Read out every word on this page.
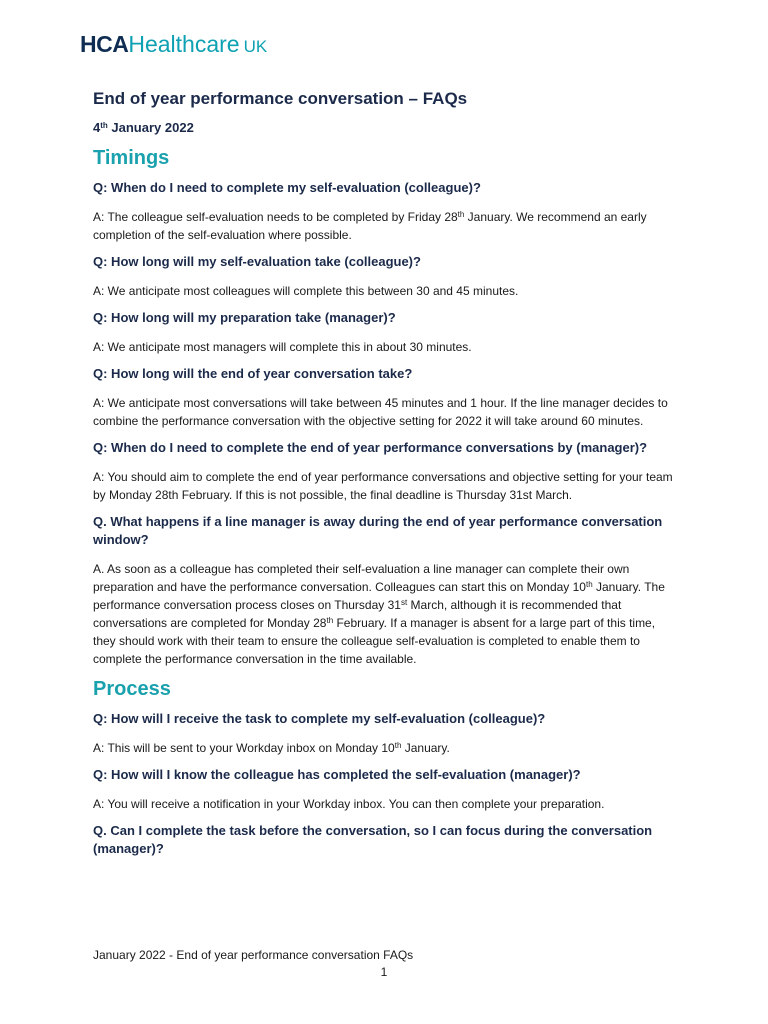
HCAHealthcare UK
End of year performance conversation – FAQs
4th January 2022
Timings
Q: When do I need to complete my self-evaluation (colleague)?
A: The colleague self-evaluation needs to be completed by Friday 28th January. We recommend an early completion of the self-evaluation where possible.
Q: How long will my self-evaluation take (colleague)?
A: We anticipate most colleagues will complete this between 30 and 45 minutes.
Q: How long will my preparation take (manager)?
A: We anticipate most managers will complete this in about 30 minutes.
Q: How long will the end of year conversation take?
A: We anticipate most conversations will take between 45 minutes and 1 hour. If the line manager decides to combine the performance conversation with the objective setting for 2022 it will take around 60 minutes.
Q: When do I need to complete the end of year performance conversations by (manager)?
A: You should aim to complete the end of year performance conversations and objective setting for your team by Monday 28th February. If this is not possible, the final deadline is Thursday 31st March.
Q. What happens if a line manager is away during the end of year performance conversation window?
A. As soon as a colleague has completed their self-evaluation a line manager can complete their own preparation and have the performance conversation. Colleagues can start this on Monday 10th January. The performance conversation process closes on Thursday 31st March, although it is recommended that conversations are completed for Monday 28th February. If a manager is absent for a large part of this time, they should work with their team to ensure the colleague self-evaluation is completed to enable them to complete the performance conversation in the time available.
Process
Q: How will I receive the task to complete my self-evaluation (colleague)?
A: This will be sent to your Workday inbox on Monday 10th January.
Q: How will I know the colleague has completed the self-evaluation (manager)?
A: You will receive a notification in your Workday inbox. You can then complete your preparation.
Q. Can I complete the task before the conversation, so I can focus during the conversation (manager)?
January 2022 - End of year performance conversation FAQs
1
